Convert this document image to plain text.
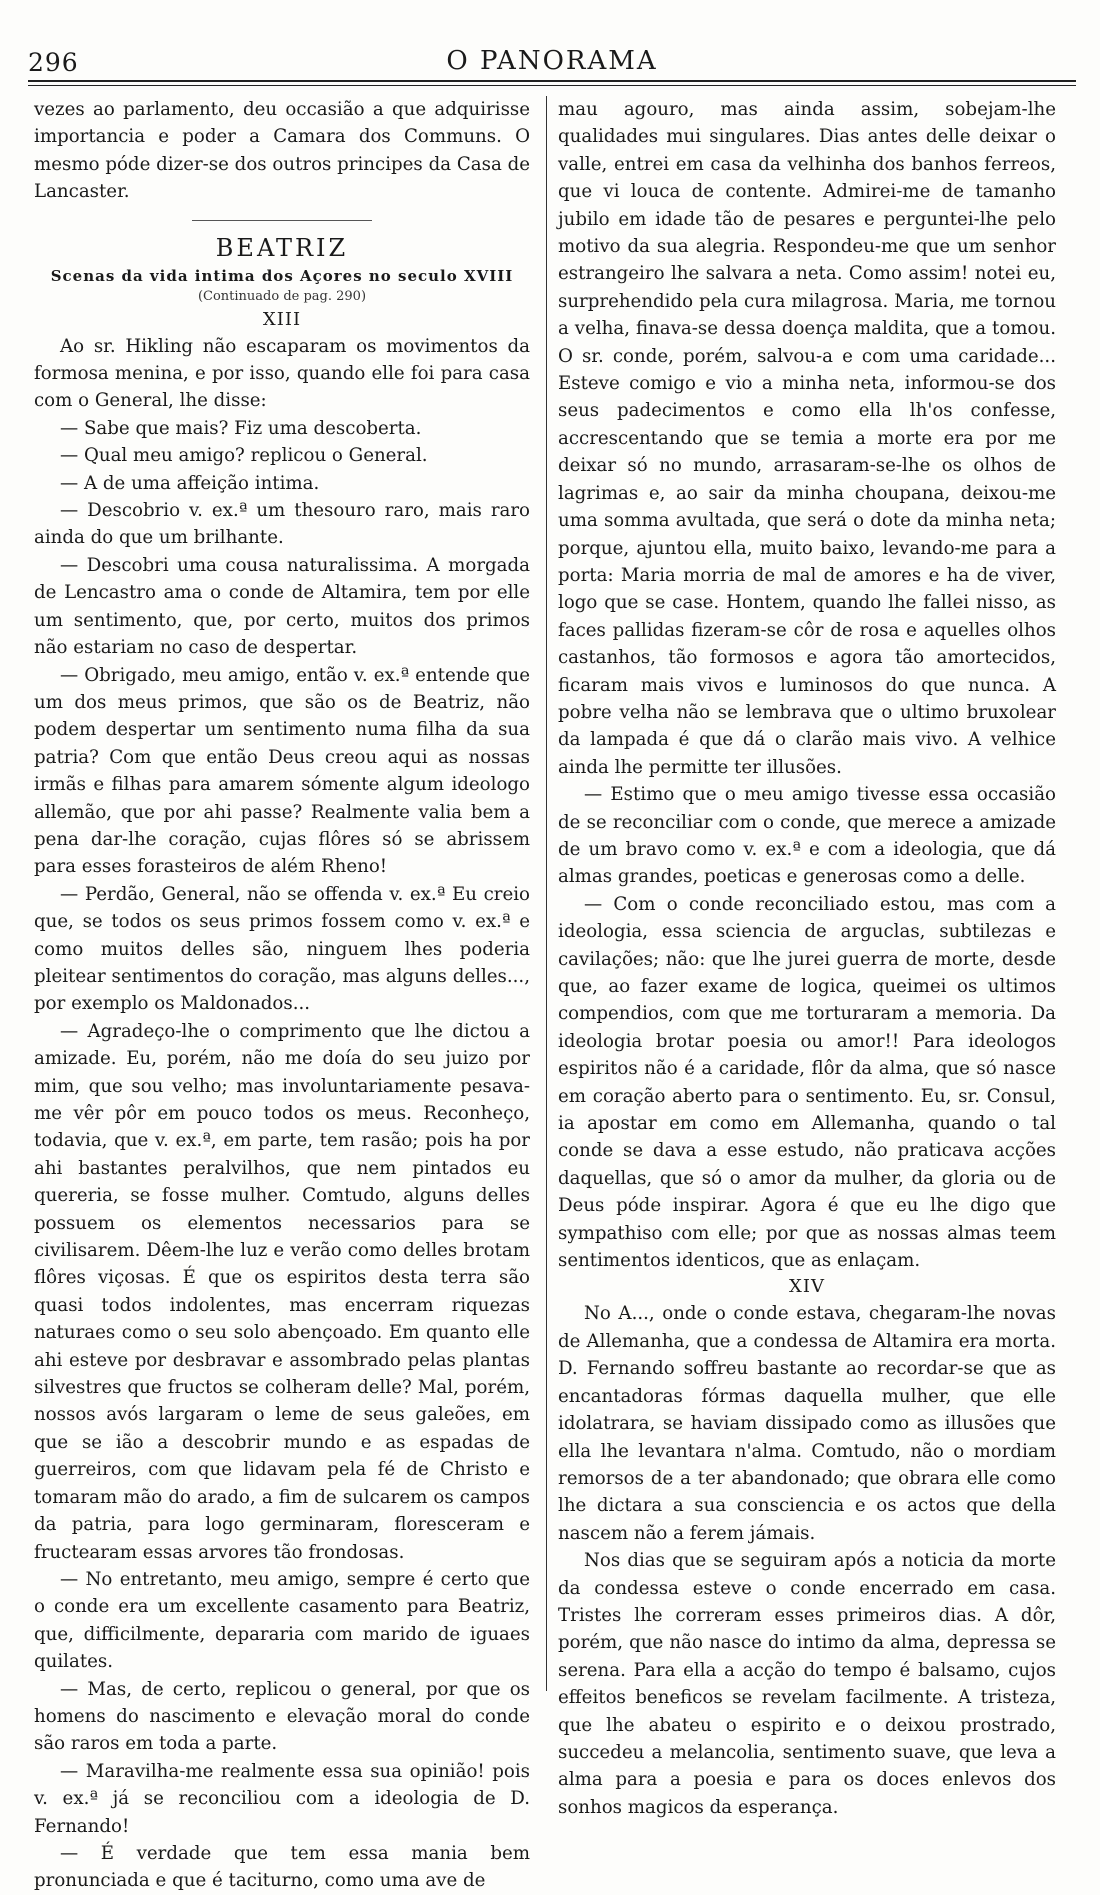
296	O PANORAMA

vezes ao parlamento, deu occasião a que adquirisse importancia e poder a Camara dos Communs. O mesmo póde dizer-se dos outros principes da Casa de Lancaster.

BEATRIZ

Scenas da vida intima dos Açores no seculo XVIII

(Continuado de pag. 290)

XIII

Ao sr. Hikling não escaparam os movimentos da formosa menina, e por isso, quando elle foi para casa com o General, lhe disse:

— Sabe que mais? Fiz uma descoberta.

— Qual meu amigo? replicou o General.

— A de uma affeição intima.

— Descobrio v. ex.ª um thesouro raro, mais raro ainda do que um brilhante.

— Descobri uma cousa naturalissima. A morgada de Lencastro ama o conde de Altamira, tem por elle um sentimento, que, por certo, muitos dos primos não estariam no caso de despertar.

— Obrigado, meu amigo, então v. ex.ª entende que um dos meus primos, que são os de Beatriz, não podem despertar um sentimento numa filha da sua patria? Com que então Deus creou aqui as nossas irmãs e filhas para amarem sómente algum ideologo allemão, que por ahi passe? Realmente valia bem a pena dar-lhe coração, cujas flôres só se abrissem para esses forasteiros de além Rheno!

— Perdão, General, não se offenda v. ex.ª Eu creio que, se todos os seus primos fossem como v. ex.ª e como muitos delles são, ninguem lhes poderia pleitear sentimentos do coração, mas alguns delles..., por exemplo os Maldonados...

— Agradeço-lhe o comprimento que lhe dictou a amizade. Eu, porém, não me doía do seu juizo por mim, que sou velho; mas involuntariamente pesava-me vêr pôr em pouco todos os meus. Reconheço, todavia, que v. ex.ª, em parte, tem rasão; pois ha por ahi bastantes peralvilhos, que nem pintados eu quereria, se fosse mulher. Comtudo, alguns delles possuem os elementos necessarios para se civilisarem. Dêem-lhe luz e verão como delles brotam flôres viçosas. É que os espiritos desta terra são quasi todos indolentes, mas encerram riquezas naturaes como o seu solo abençoado. Em quanto elle ahi esteve por desbravar e assombrado pelas plantas silvestres que fructos se colheram delle? Mal, porém, nossos avós largaram o leme de seus galeões, em que se ião a descobrir mundo e as espadas de guerreiros, com que lidavam pela fé de Christo e tomaram mão do arado, a fim de sulcarem os campos da patria, para logo germinaram, floresceram e fructearam essas arvores tão frondosas.

— No entretanto, meu amigo, sempre é certo que o conde era um excellente casamento para Beatriz, que, difficilmente, depararia com marido de iguaes quilates.

— Mas, de certo, replicou o general, por que os homens do nascimento e elevação moral do conde são raros em toda a parte.

— Maravilha-me realmente essa sua opinião! pois v. ex.ª já se reconciliou com a ideologia de D. Fernando!

— É verdade que tem essa mania bem pronunciada e que é taciturno, como uma ave de

mau agouro, mas ainda assim, sobejam-lhe qualidades mui singulares. Dias antes delle deixar o valle, entrei em casa da velhinha dos banhos ferreos, que vi louca de contente. Admirei-me de tamanho jubilo em idade tão de pesares e perguntei-lhe pelo motivo da sua alegria. Respondeu-me que um senhor estrangeiro lhe salvara a neta. Como assim! notei eu, surprehendido pela cura milagrosa. Maria, me tornou a velha, finava-se dessa doença maldita, que a tomou. O sr. conde, porém, salvou-a e com uma caridade... Esteve comigo e vio a minha neta, informou-se dos seus padecimentos e como ella lh'os confesse, accrescentando que se temia a morte era por me deixar só no mundo, arrasaram-se-lhe os olhos de lagrimas e, ao sair da minha choupana, deixou-me uma somma avultada, que será o dote da minha neta; porque, ajuntou ella, muito baixo, levando-me para a porta: Maria morria de mal de amores e ha de viver, logo que se case. Hontem, quando lhe fallei nisso, as faces pallidas fizeram-se côr de rosa e aquelles olhos castanhos, tão formosos e agora tão amortecidos, ficaram mais vivos e luminosos do que nunca. A pobre velha não se lembrava que o ultimo bruxolear da lampada é que dá o clarão mais vivo. A velhice ainda lhe permitte ter illusões.

— Estimo que o meu amigo tivesse essa occasião de se reconciliar com o conde, que merece a amizade de um bravo como v. ex.ª e com a ideologia, que dá almas grandes, poeticas e generosas como a delle.

— Com o conde reconciliado estou, mas com a ideologia, essa sciencia de arguclas, subtilezas e cavilações; não: que lhe jurei guerra de morte, desde que, ao fazer exame de logica, queimei os ultimos compendios, com que me torturaram a memoria. Da ideologia brotar poesia ou amor!! Para ideologos espiritos não é a caridade, flôr da alma, que só nasce em coração aberto para o sentimento. Eu, sr. Consul, ia apostar em como em Allemanha, quando o tal conde se dava a esse estudo, não praticava acções daquellas, que só o amor da mulher, da gloria ou de Deus póde inspirar. Agora é que eu lhe digo que sympathiso com elle; por que as nossas almas teem sentimentos identicos, que as enlaçam.

XIV

No A..., onde o conde estava, chegaram-lhe novas de Allemanha, que a condessa de Altamira era morta. D. Fernando soffreu bastante ao recordar-se que as encantadoras fórmas daquella mulher, que elle idolatrara, se haviam dissipado como as illusões que ella lhe levantara n'alma. Comtudo, não o mordiam remorsos de a ter abandonado; que obrara elle como lhe dictara a sua consciencia e os actos que della nascem não a ferem jámais.

Nos dias que se seguiram após a noticia da morte da condessa esteve o conde encerrado em casa. Tristes lhe correram esses primeiros dias. A dôr, porém, que não nasce do intimo da alma, depressa se serena. Para ella a acção do tempo é balsamo, cujos effeitos beneficos se revelam facilmente. A tristeza, que lhe abateu o espirito e o deixou prostrado, succedeu a melancolia, sentimento suave, que leva a alma para a poesia e para os doces enlevos dos sonhos magicos da esperança.
